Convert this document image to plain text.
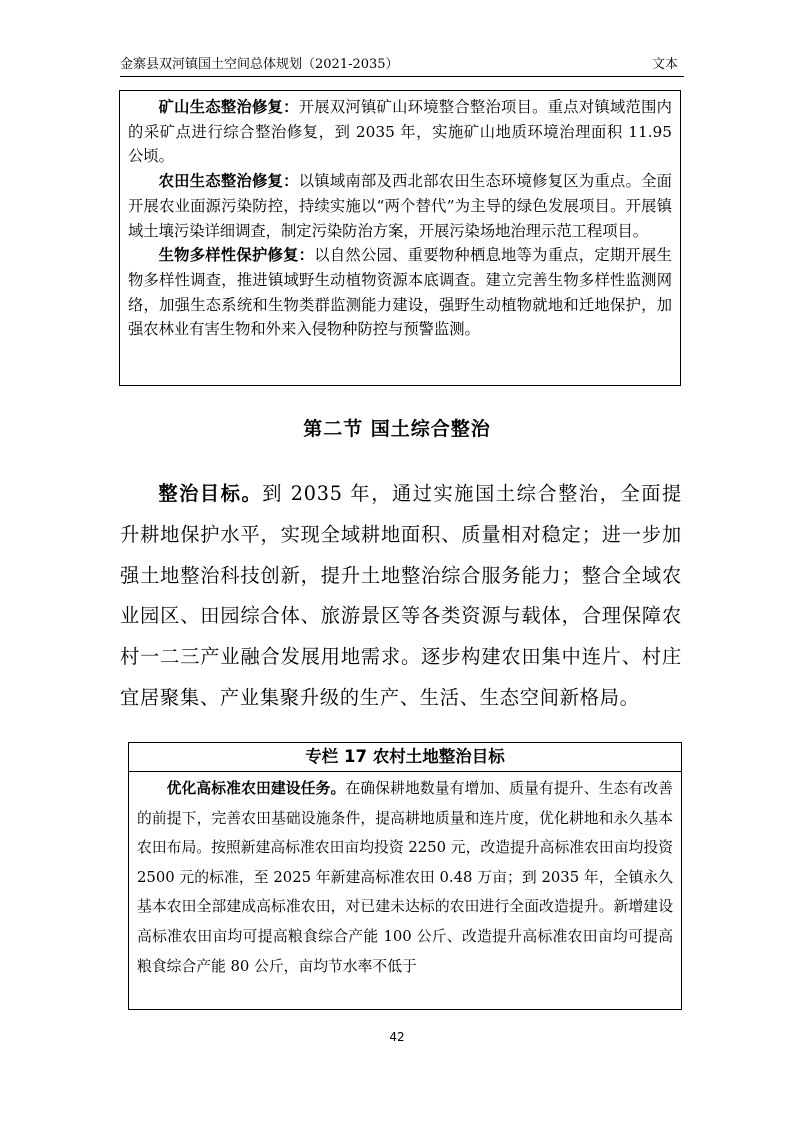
金寨县双河镇国土空间总体规划（2021-2035）	文本

矿山生态整治修复：开展双河镇矿山环境整合整治项目。重点对镇域范围内的采矿点进行综合整治修复，到 2035 年，实施矿山地质环境治理面积 11.95 公顷。

农田生态整治修复：以镇域南部及西北部农田生态环境修复区为重点。全面开展农业面源污染防控，持续实施以“两个替代”为主导的绿色发展项目。开展镇域土壤污染详细调查，制定污染防治方案，开展污染场地治理示范工程项目。

生物多样性保护修复：以自然公园、重要物种栖息地等为重点，定期开展生物多样性调查，推进镇域野生动植物资源本底调查。建立完善生物多样性监测网络，加强生态系统和生物类群监测能力建设，强野生动植物就地和迁地保护，加强农林业有害生物和外来入侵物种防控与预警监测。

第二节 国土综合整治

整治目标。到 2035 年，通过实施国土综合整治，全面提升耕地保护水平，实现全域耕地面积、质量相对稳定；进一步加强土地整治科技创新，提升土地整治综合服务能力；整合全域农业园区、田园综合体、旅游景区等各类资源与载体，合理保障农村一二三产业融合发展用地需求。逐步构建农田集中连片、村庄宜居聚集、产业集聚升级的生产、生活、生态空间新格局。

专栏 17 农村土地整治目标

优化高标准农田建设任务。在确保耕地数量有增加、质量有提升、生态有改善的前提下，完善农田基础设施条件，提高耕地质量和连片度，优化耕地和永久基本农田布局。按照新建高标准农田亩均投资 2250 元，改造提升高标准农田亩均投资 2500 元的标准，至 2025 年新建高标准农田 0.48 万亩；到 2035 年，全镇永久基本农田全部建成高标准农田，对已建未达标的农田进行全面改造提升。新增建设高标准农田亩均可提高粮食综合产能 100 公斤、改造提升高标准农田亩均可提高粮食综合产能 80 公斤，亩均节水率不低于

42
